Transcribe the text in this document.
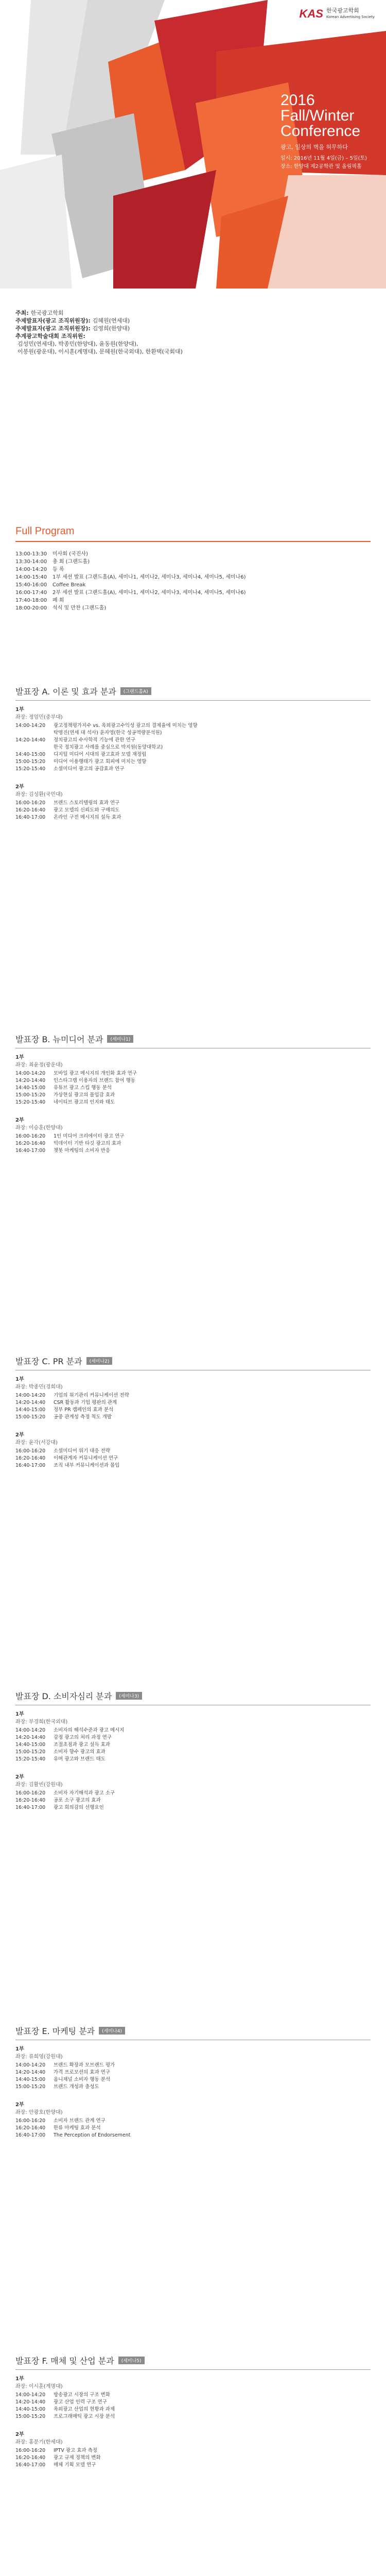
KAS 한국광고학회
Korean Advertising Society
2016
Fall/Winter
Conference
광고, 일상의 벽을 허무하다
일시: 2016년 11월 4일(금) – 5일(토)
장소: 한양대 제2공학관 및 올림픽홀
주최: 한국광고학회
주제발표자(광고 조직위원장): 김혜원(연세대)
주제발표자(광고 조직위원장): 김영희(한양대)
추계광고학술대회 조직위원:
김성민(연세대), 박종민(한양대), 윤동원(한양대),
이봉원(광운대), 이시훈(계명대), 문혜원(한국외대), 한환택(국회대)
Full Program
13:00-13:30	미사회 (국진사)
13:30-14:00	총 회 (그랜드홀)
14:00-14:20	등 록
14:00-15:40	1부 세션 발표 (그랜드홀(A), 세미나1, 세미나2, 세미나3, 세미나4, 세미나5, 세미나6)
15:40-16:00	Coffee Break
16:00-17:40	2부 세션 발표 (그랜드홀(A), 세미나1, 세미나2, 세미나3, 세미나4, 세미나5, 세미나6)
17:40-18:00	폐 회
18:00-20:00	석식 및 만찬 (그랜드홀)
발표장 A. 이론 및 효과 분과	(그랜드홀A)
1부
좌장: 정엄민(중부대)
14:00-14:20	광고정책평가지수 vs. 옥외광고수익성 광고의 결제율에 미치는 영향
탁명진(연세 대 석사) 윤자영(한국 성공역량분석원)
14:20-14:40	정치광고의 수사학적 기능에 관한 연구
한국 정치광고 사례를 중심으로 박지원(동양대학교)
14:40-15:00	디지털 미디어 시대의 광고효과 모델 재정립
15:00-15:20	미디어 이용행태가 광고 회피에 미치는 영향
15:20-15:40	소셜미디어 광고의 공감효과 연구
2부
좌장: 김성환(국민대)
16:00-16:20	브랜드 스토리텔링의 효과 연구
16:20-16:40	광고 모델의 신뢰도와 구매의도
16:40-17:00	온라인 구전 메시지의 설득 효과
발표장 B. 뉴미디어 분과	(세미나1)
1부
좌장: 최윤정(광운대)
14:00-14:20	모바일 광고 메시지의 개인화 효과 연구
14:20-14:40	인스타그램 이용자의 브랜드 참여 행동
14:40-15:00	유튜브 광고 스킵 행동 분석
15:00-15:20	가상현실 광고의 몰입감 효과
15:20-15:40	네이티브 광고의 인지와 태도
2부
좌장: 이승훈(한양대)
16:00-16:20	1인 미디어 크리에이터 광고 연구
16:20-16:40	빅데이터 기반 타깃 광고의 효과
16:40-17:00	챗봇 마케팅의 소비자 반응
발표장 C. PR 분과	(세미나2)
1부
좌장: 박종민(경희대)
14:00-14:20	기업의 위기관리 커뮤니케이션 전략
14:20-14:40	CSR 활동과 기업 평판의 관계
14:40-15:00	정부 PR 캠페인의 효과 분석
15:00-15:20	공중 관계성 측정 척도 개발
2부
좌장: 윤각(서강대)
16:00-16:20	소셜미디어 위기 대응 전략
16:20-16:40	이해관계자 커뮤니케이션 연구
16:40-17:00	조직 내부 커뮤니케이션과 몰입
발표장 D. 소비자심리 분과	(세미나3)
1부
좌장: 부경희(한국외대)
14:00-14:20	소비자의 해석수준과 광고 메시지
14:20-14:40	감정 광고의 처리 과정 연구
14:40-15:00	조절초점과 광고 설득 효과
15:00-15:20	소비자 향수 광고의 효과
15:20-15:40	유머 광고와 브랜드 태도
2부
좌장: 김활빈(강원대)
16:00-16:20	소비자 자기해석과 광고 소구
16:20-16:40	공포 소구 광고의 효과
16:40-17:00	광고 회의감의 선행요인
발표장 E. 마케팅 분과	(세미나4)
1부
좌장: 류희영(강원대)
14:00-14:20	브랜드 확장과 모브랜드 평가
14:20-14:40	가격 프로모션의 효과 연구
14:40-15:00	옴니채널 소비자 행동 분석
15:00-15:20	브랜드 개성과 충성도
2부
좌장: 안광호(한양대)
16:00-16:20	소비자 브랜드 관계 연구
16:20-16:40	한류 마케팅 효과 분석
16:40-17:00	The Perception of Endorsement
발표장 F. 매체 및 산업 분과	(세미나5)
1부
좌장: 이시훈(계명대)
14:00-14:20	방송광고 시장의 구조 변화
14:20-14:40	광고 산업 인력 구조 연구
14:40-15:00	옥외광고 산업의 현황과 과제
15:00-15:20	프로그래매틱 광고 시장 분석
2부
좌장: 홍문기(한세대)
16:00-16:20	IPTV 광고 효과 측정
16:20-16:40	광고 규제 정책의 변화
16:40-17:00	매체 기획 모델 연구
